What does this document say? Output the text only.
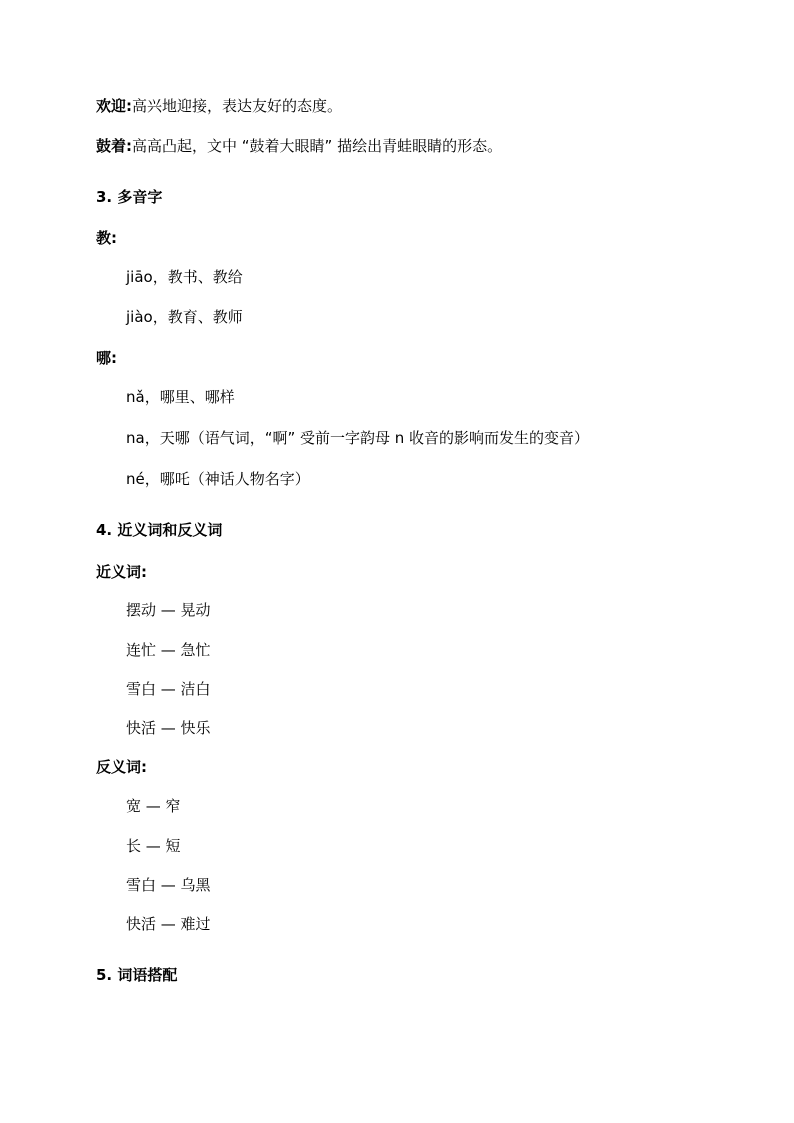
欢迎:高兴地迎接，表达友好的态度。
鼓着:高高凸起，文中 “鼓着大眼睛” 描绘出青蛙眼睛的形态。
3. 多音字
教:
jiāo，教书、教给
jiào，教育、教师
哪:
nǎ，哪里、哪样
na，天哪（语气词，“啊” 受前一字韵母 n 收音的影响而发生的变音）
né，哪吒（神话人物名字）
4. 近义词和反义词
近义词:
摆动 — 晃动
连忙 — 急忙
雪白 — 洁白
快活 — 快乐
反义词:
宽 — 窄
长 — 短
雪白 — 乌黑
快活 — 难过
5. 词语搭配
